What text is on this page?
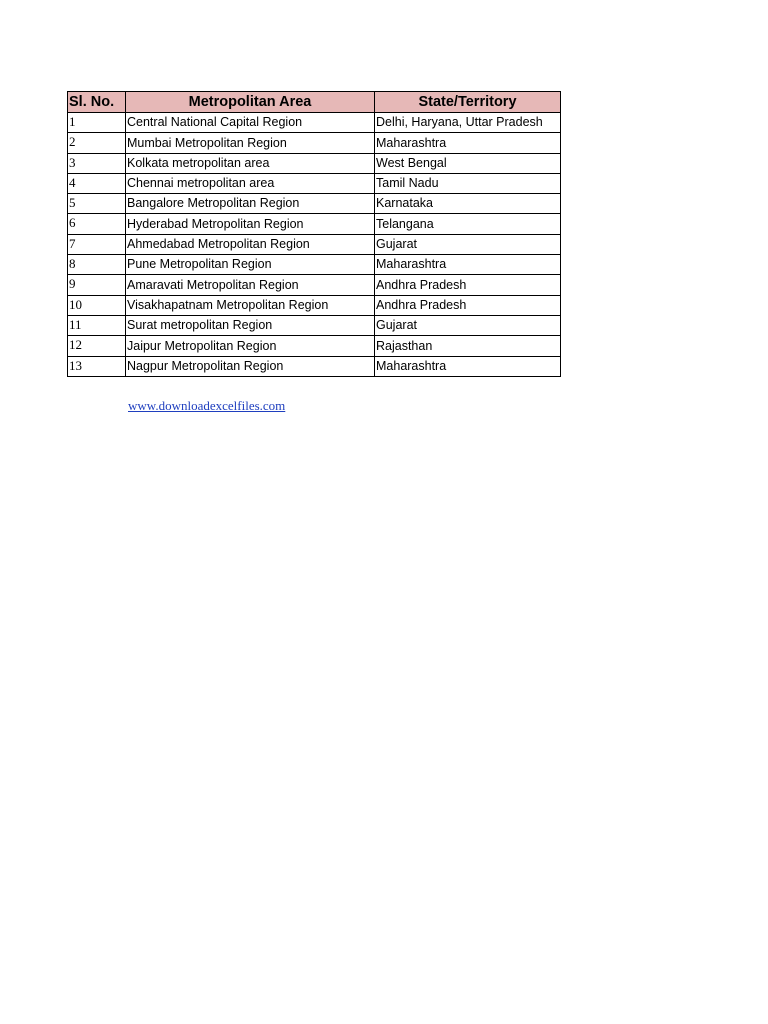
Sl. No.	Metropolitan Area	State/Territory
1	Central National Capital Region	Delhi, Haryana, Uttar Pradesh
2	Mumbai Metropolitan Region	Maharashtra
3	Kolkata metropolitan area	West Bengal
4	Chennai metropolitan area	Tamil Nadu
5	Bangalore Metropolitan Region	Karnataka
6	Hyderabad Metropolitan Region	Telangana
7	Ahmedabad Metropolitan Region	Gujarat
8	Pune Metropolitan Region	Maharashtra
9	Amaravati Metropolitan Region	Andhra Pradesh
10	Visakhapatnam Metropolitan Region	Andhra Pradesh
11	Surat metropolitan Region	Gujarat
12	Jaipur Metropolitan Region	Rajasthan
13	Nagpur Metropolitan Region	Maharashtra
www.downloadexcelfiles.com
